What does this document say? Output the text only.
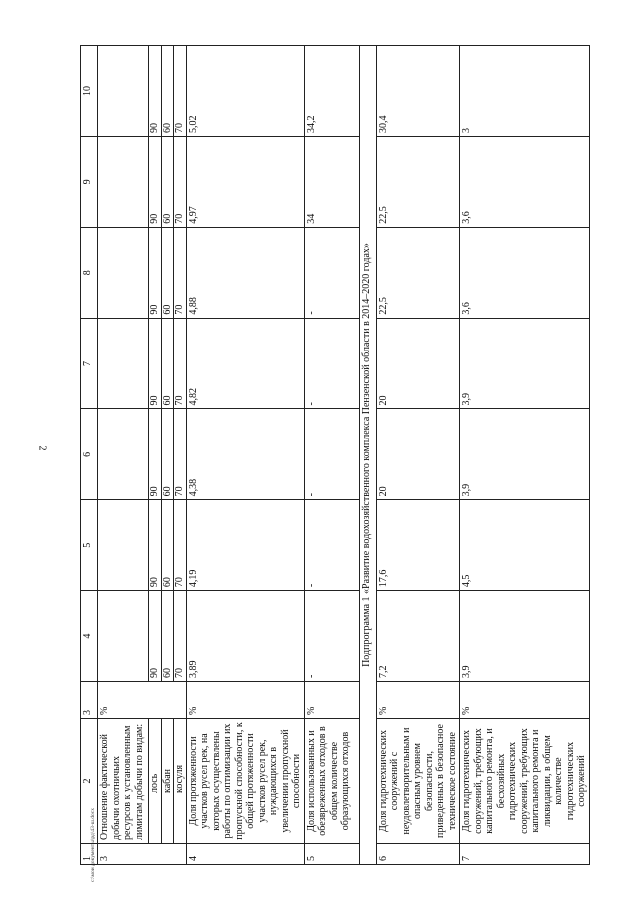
2
c:\мои документы\рд\43-ш.docx
1	2	3	4	5	6	7	8	9	10
3	Отношение фактической добычи охотничьих ресурсов к установленным лимитам добычи по видам:	%							
	лось		90	90	90	90	90	90	90
	кабан		60	60	60	60	60	60	60
	косуля		70	70	70	70	70	70	70
4	Доля протяженности участков русел рек, на которых осуществлены работы по оптимизации их пропускной способности, к общей протяженности участков русел рек, нуждающихся в увеличении пропускной способности	%	3,89	4,19	4,38	4,82	4,88	4,97	5,02
5	Доля использованных и обезвреженных отходов в общем количестве образующихся отходов	%	-	-	-	-	-	34	34,2
Подпрограмма 1 «Развитие водохозяйственного комплекса Пензенской области в 2014–2020 годах»									
6	Доля гидротехнических сооружений с неудовлетворительным и опасным уровнем безопасности, приведенных в безопасное техническое состояние	%	7,2	17,6	20	20	22,5	22,5	30,4
7	Доля гидротехнических сооружений, требующих капитального ремонта, и бесхозяйных гидротехнических сооружений, требующих капитального ремонта и ликвидации, в общем количестве гидротехнических сооружений	%	3,9	4,5	3,9	3,9	3,6	3,6	3
